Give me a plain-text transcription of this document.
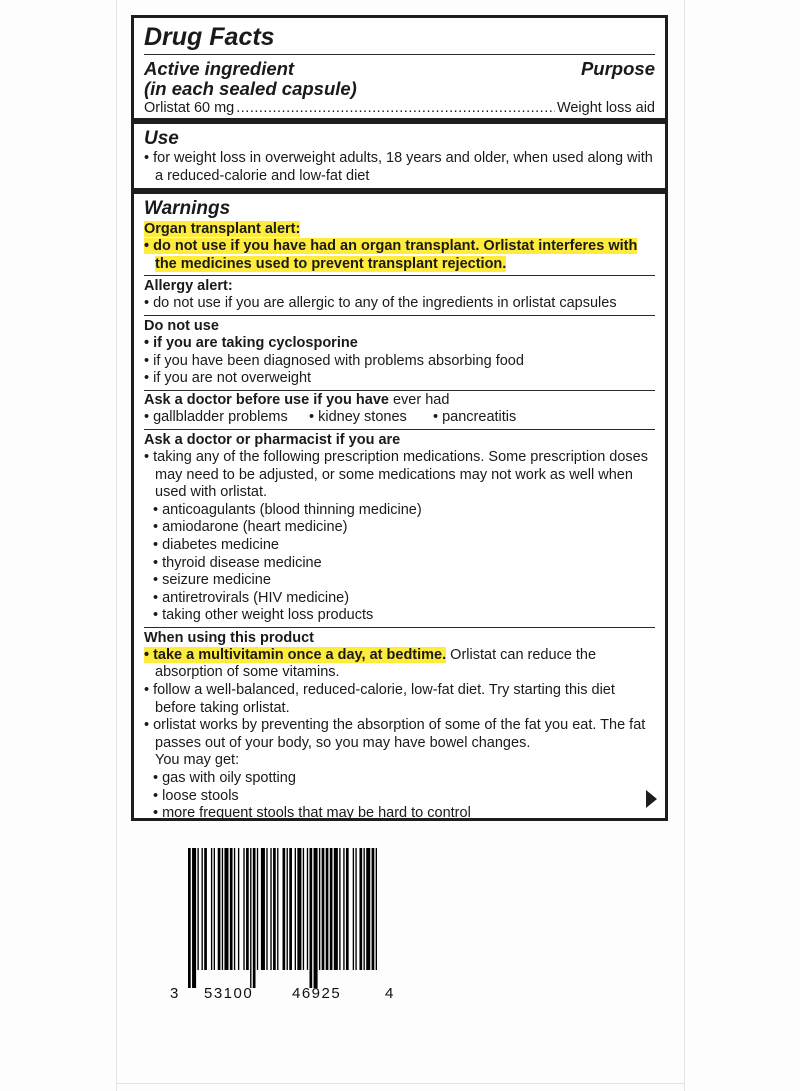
Drug Facts
Active ingredient
(in each sealed capsule)
Purpose
Orlistat 60 mg
.....	Weight loss aid
Use
• for weight loss in overweight adults, 18 years and older, when used along with a reduced-calorie and low-fat diet
Warnings
Organ transplant alert:
• do not use if you have had an organ transplant. Orlistat interferes with the medicines used to prevent transplant rejection.
Allergy alert:
• do not use if you are allergic to any of the ingredients in orlistat capsules
Do not use
• if you are taking cyclosporine
• if you have been diagnosed with problems absorbing food
• if you are not overweight
Ask a doctor before use if you have ever had
• gallbladder problems	• kidney stones	• pancreatitis
Ask a doctor or pharmacist if you are
• taking any of the following prescription medications. Some prescription doses may need to be adjusted, or some medications may not work as well when used with orlistat.
• anticoagulants (blood thinning medicine)
• amiodarone (heart medicine)
• diabetes medicine
• thyroid disease medicine
• seizure medicine
• antiretrovirals (HIV medicine)
• taking other weight loss products
When using this product
• take a multivitamin once a day, at bedtime. Orlistat can reduce the absorption of some vitamins.
• follow a well-balanced, reduced-calorie, low-fat diet. Try starting this diet before taking orlistat.
• orlistat works by preventing the absorption of some of the fat you eat. The fat passes out of your body, so you may have bowel changes.
You may get:
• gas with oily spotting
• loose stools
• more frequent stools that may be hard to control
3 53100	46925	4
